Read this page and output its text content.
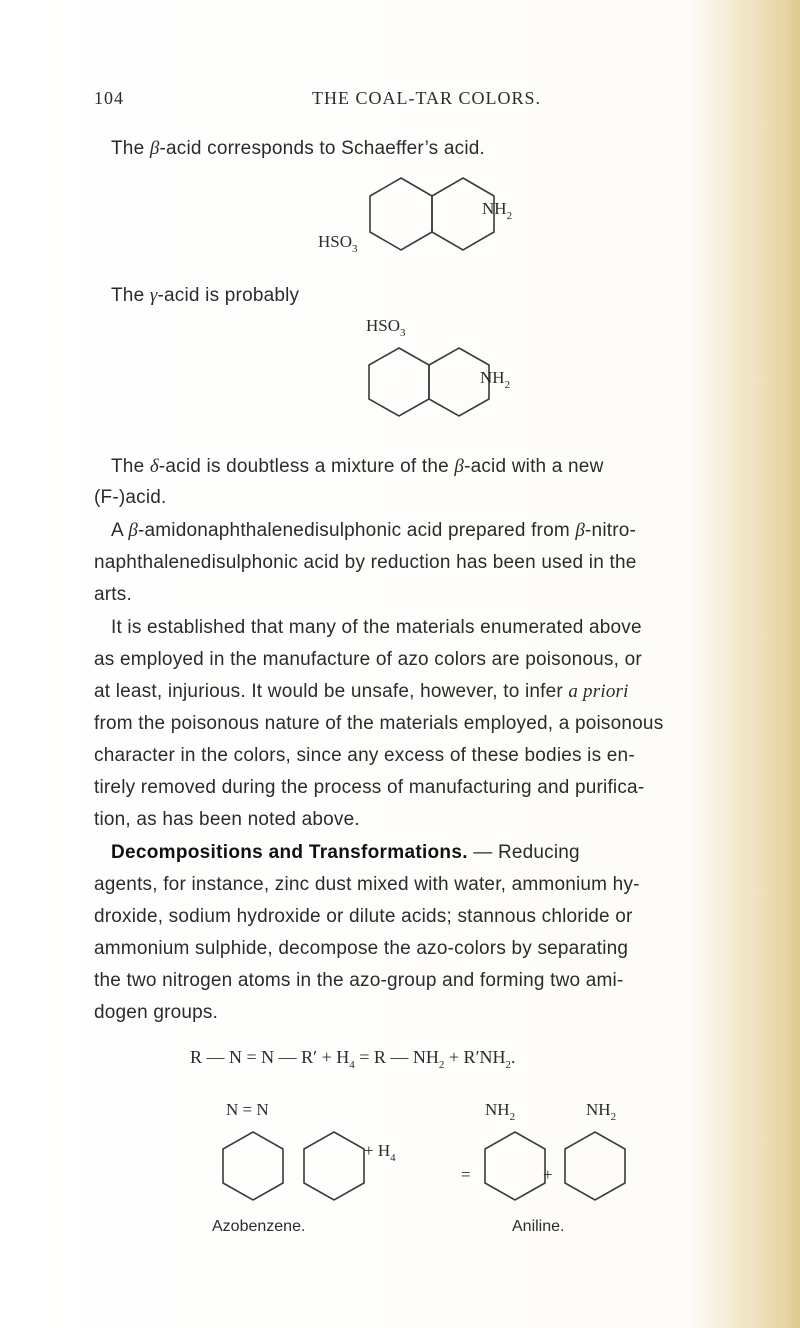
104	THE COAL-TAR COLORS.
The β-acid corresponds to Schaeffer’s acid.
$NH_2$
$HSO_3$
The γ-acid is probably
$HSO_3$
$NH_2$
The δ-acid is doubtless a mixture of the β-acid with a new
(F-)acid.
A β-amidonaphthalenedisulphonic acid prepared from β-nitro-
naphthalenedisulphonic acid by reduction has been used in the
arts.
It is established that many of the materials enumerated above
as employed in the manufacture of azo colors are poisonous, or
at least, injurious. It would be unsafe, however, to infer a priori
from the poisonous nature of the materials employed, a poisonous
character in the colors, since any excess of these bodies is en-
tirely removed during the process of manufacturing and purifica-
tion, as has been noted above.
Decompositions and Transformations. — Reducing
agents, for instance, zinc dust mixed with water, ammonium hy-
droxide, sodium hydroxide or dilute acids; stannous chloride or
ammonium sulphide, decompose the azo-colors by separating
the two nitrogen atoms in the azo-group and forming two ami-
dogen groups.
R — N = N — $R' + H_4 = R$ — $NH_2 + R'NH_2$.
N = N	$NH_2$	$NH_2$
+ $H_4$
=	+
Azobenzene.	Aniline.
